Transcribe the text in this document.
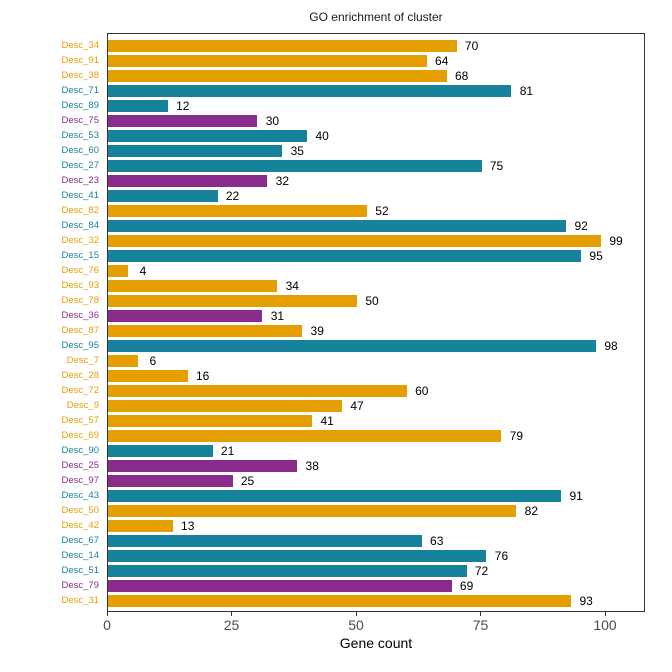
GO enrichment of cluster
Desc_34
Desc_91
Desc_38
Desc_71
Desc_89
Desc_75
Desc_53
Desc_60
Desc_27
Desc_23
Desc_41
Desc_82
Desc_84
Desc_32
Desc_15
Desc_76
Desc_93
Desc_78
Desc_36
Desc_87
Desc_95
Desc_7
Desc_28
Desc_72
Desc_9
Desc_57
Desc_69
Desc_90
Desc_25
Desc_97
Desc_43
Desc_50
Desc_42
Desc_67
Desc_14
Desc_51
Desc_79
Desc_31
70
64
68
81
12
30
40
35
75
32
22
52
92
99
95
4
34
50
31
39
98
6
16
60
47
41
79
21
38
25
91
82
13
63
76
72
69
93
0	25	50	75	100
Gene count
